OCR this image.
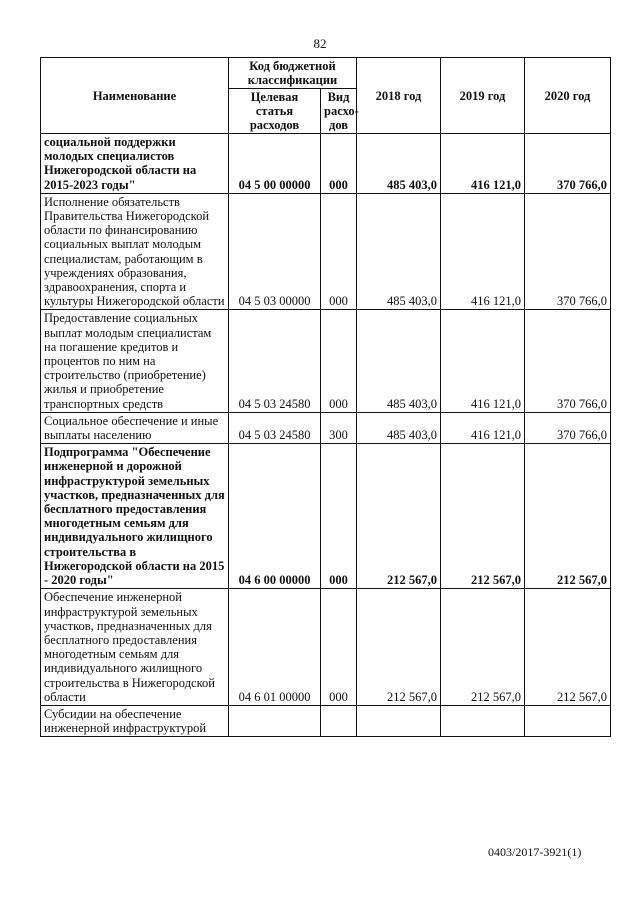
82
Наименование	Код бюджетной классификации		2018 год	2019 год	2020 год
	Целевая статья расходов	Вид расхо-дов			
социальной поддержки молодых специалистов Нижегородской области на 2015-2023 годы"	04 5 00 00000	000	485 403,0	416 121,0	370 766,0
Исполнение обязательств Правительства Нижегородской области по финансированию социальных выплат молодым специалистам, работающим в учреждениях образования, здравоохранения, спорта и культуры Нижегородской области	04 5 03 00000	000	485 403,0	416 121,0	370 766,0
Предоставление социальных выплат молодым специалистам на погашение кредитов и процентов по ним на строительство (приобретение) жилья и приобретение транспортных средств	04 5 03 24580	000	485 403,0	416 121,0	370 766,0
Социальное обеспечение и иные выплаты населению	04 5 03 24580	300	485 403,0	416 121,0	370 766,0
Подпрограмма "Обеспечение инженерной и дорожной инфраструктурой земельных участков, предназначенных для бесплатного предоставления многодетным семьям для индивидуального жилищного строительства в Нижегородской области на 2015 - 2020 годы"	04 6 00 00000	000	212 567,0	212 567,0	212 567,0
Обеспечение инженерной инфраструктурой земельных участков, предназначенных для бесплатного предоставления многодетным семьям для индивидуального жилищного строительства в Нижегородской области	04 6 01 00000	000	212 567,0	212 567,0	212 567,0
Субсидии на обеспечение инженерной инфраструктурой					
0403/2017-3921(1)
